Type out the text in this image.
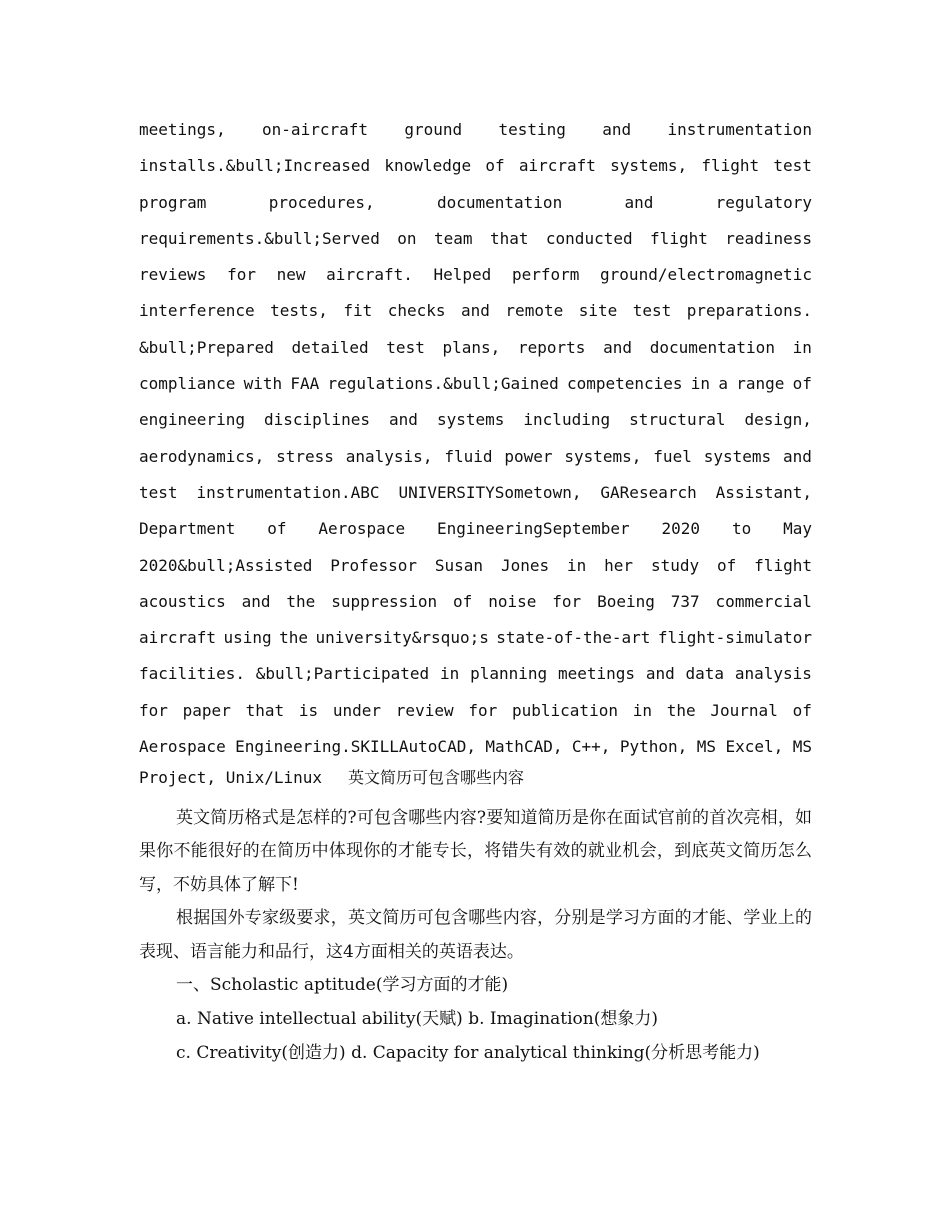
meetings, on-aircraft ground testing and instrumentation
installs.&bull;Increased knowledge of aircraft systems, flight test
program	procedures,	documentation	and	regulatory
requirements.&bull;Served on team that conducted flight readiness
reviews for new aircraft. Helped perform ground/electromagnetic
interference tests, fit checks and remote site test preparations.
&bull;Prepared detailed test plans, reports and documentation in
compliance with FAA regulations.&bull;Gained competencies in a range of
engineering disciplines and systems including structural design,
aerodynamics, stress analysis, fluid power systems, fuel systems and
test instrumentation.ABC UNIVERSITYSometown, GAResearch Assistant,
Department of Aerospace EngineeringSeptember 2020 to May
2020&bull;Assisted Professor Susan Jones in her study of flight
acoustics and the suppression of noise for Boeing 737 commercial
aircraft using the university&rsquo;s state-of-the-art flight-simulator
facilities. &bull;Participated in planning meetings and data analysis
for paper that is under review for publication in the Journal of
Aerospace Engineering.SKILLAutoCAD, MathCAD, C++, Python, MS Excel, MS
Project, Unix/Linux 英文简历可包含哪些内容

英文简历格式是怎样的?可包含哪些内容?要知道简历是你在面试官前的首次亮相，如果你不能很好的在简历中体现你的才能专长，将错失有效的就业机会，到底英文简历怎么写，不妨具体了解下!

根据国外专家级要求，英文简历可包含哪些内容，分别是学习方面的才能、学业上的表现、语言能力和品行，这4方面相关的英语表达。

一、Scholastic aptitude(学习方面的才能)
a. Native intellectual ability(天赋) b. Imagination(想象力)

c. Creativity(创造力) d. Capacity for analytical thinking(分析思考能力)
